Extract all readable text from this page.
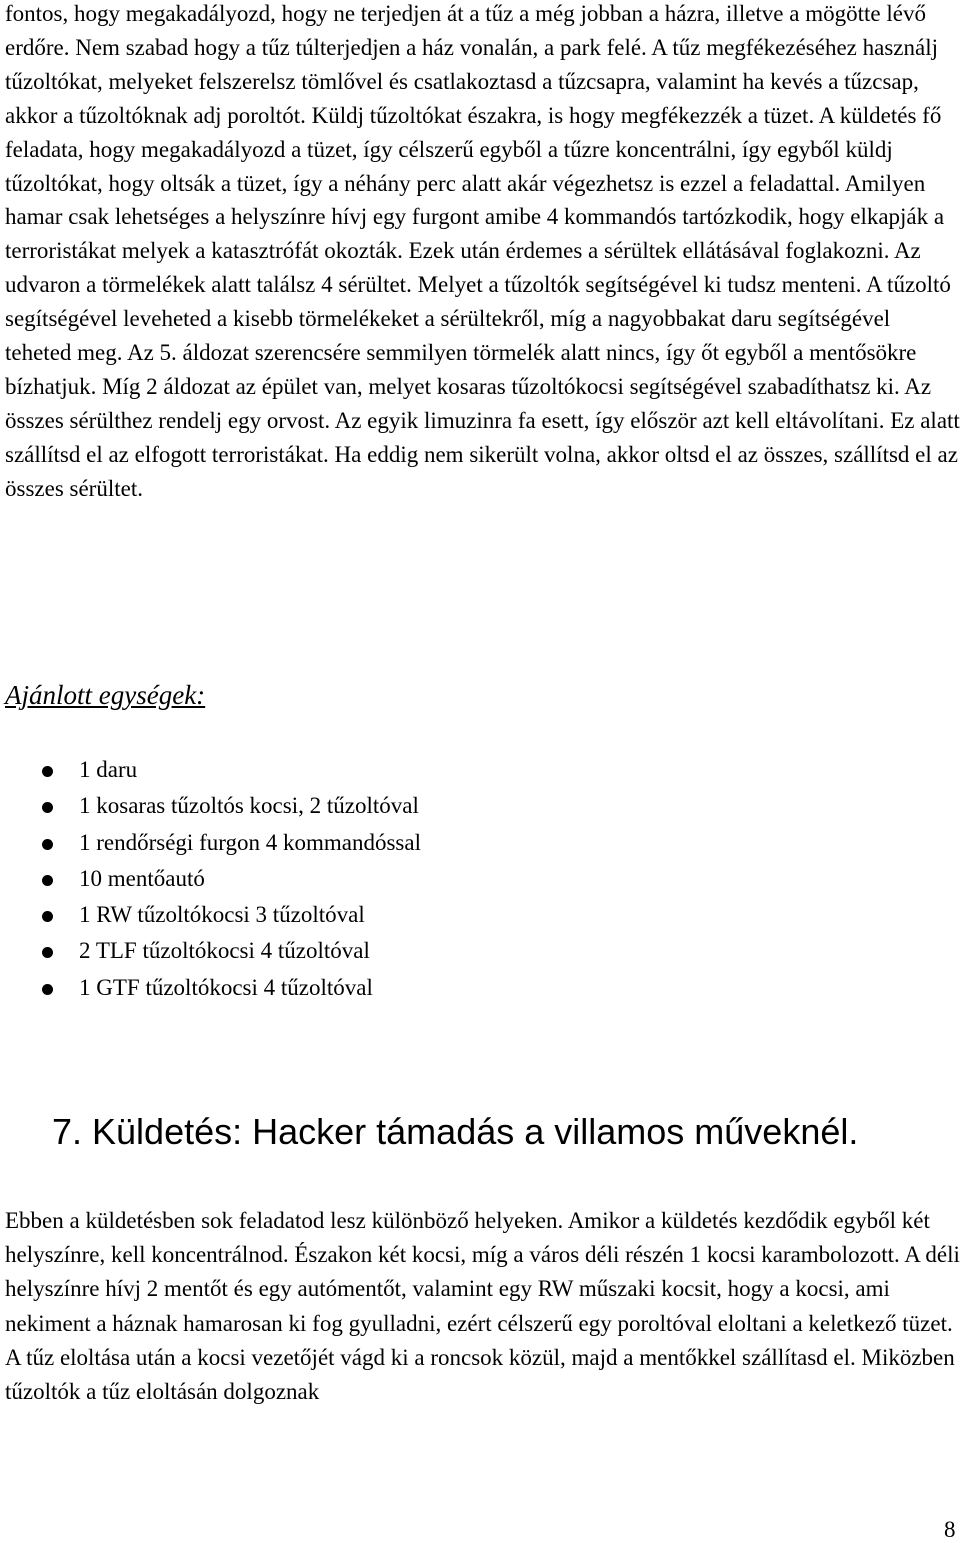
fontos, hogy megakadályozd, hogy ne terjedjen át a tűz a még jobban a házra, illetve a mögötte lévő erdőre. Nem szabad hogy a tűz túlterjedjen a ház vonalán, a park felé. A tűz megfékezéséhez használj tűzoltókat, melyeket felszerelsz tömlővel és csatlakoztasd a tűzcsapra, valamint ha kevés a tűzcsap, akkor a tűzoltóknak adj poroltót. Küldj tűzoltókat északra, is hogy megfékezzék a tüzet. A küldetés fő feladata, hogy megakadályozd a tüzet, így célszerű egyből a tűzre koncentrálni, így egyből küldj tűzoltókat, hogy oltsák a tüzet, így a néhány perc alatt akár végezhetsz is ezzel a feladattal. Amilyen hamar csak lehetséges a helyszínre hívj egy furgont amibe 4 kommandós tartózkodik, hogy elkapják a terroristákat melyek a katasztrófát okozták. Ezek után érdemes a sérültek ellátásával foglakozni. Az udvaron a törmelékek alatt találsz 4 sérültet. Melyet a tűzoltók segítségével ki tudsz menteni. A tűzoltó segítségével leveheted a kisebb törmelékeket a sérültekről, míg a nagyobbakat daru segítségével teheted meg. Az 5. áldozat szerencsére semmilyen törmelék alatt nincs, így őt egyből a mentősökre bízhatjuk. Míg 2 áldozat az épület van, melyet kosaras tűzoltókocsi segítségével szabadíthatsz ki. Az összes sérülthez rendelj egy orvost. Az egyik limuzinra fa esett, így először azt kell eltávolítani. Ez alatt szállítsd el az elfogott terroristákat. Ha eddig nem sikerült volna, akkor oltsd el az összes, szállítsd el az összes sérültet.

Ajánlott egységek:
1 daru
1 kosaras tűzoltós kocsi, 2 tűzoltóval
1 rendőrségi furgon 4 kommandóssal
10 mentőautó
1 RW tűzoltókocsi 3 tűzoltóval
2 TLF tűzoltókocsi 4 tűzoltóval
1 GTF tűzoltókocsi 4 tűzoltóval
7. Küldetés: Hacker támadás a villamos műveknél.

Ebben a küldetésben sok feladatod lesz különböző helyeken. Amikor a küldetés kezdődik egyből két helyszínre, kell koncentrálnod. Északon két kocsi, míg a város déli részén 1 kocsi karambolozott. A déli helyszínre hívj 2 mentőt és egy autómentőt, valamint egy RW műszaki kocsit, hogy a kocsi, ami nekiment a háznak hamarosan ki fog gyulladni, ezért célszerű egy poroltóval eloltani a keletkező tüzet. A tűz eloltása után a kocsi vezetőjét vágd ki a roncsok közül, majd a mentőkkel szállítasd el. Miközben tűzoltók a tűz eloltásán dolgoznak

8
